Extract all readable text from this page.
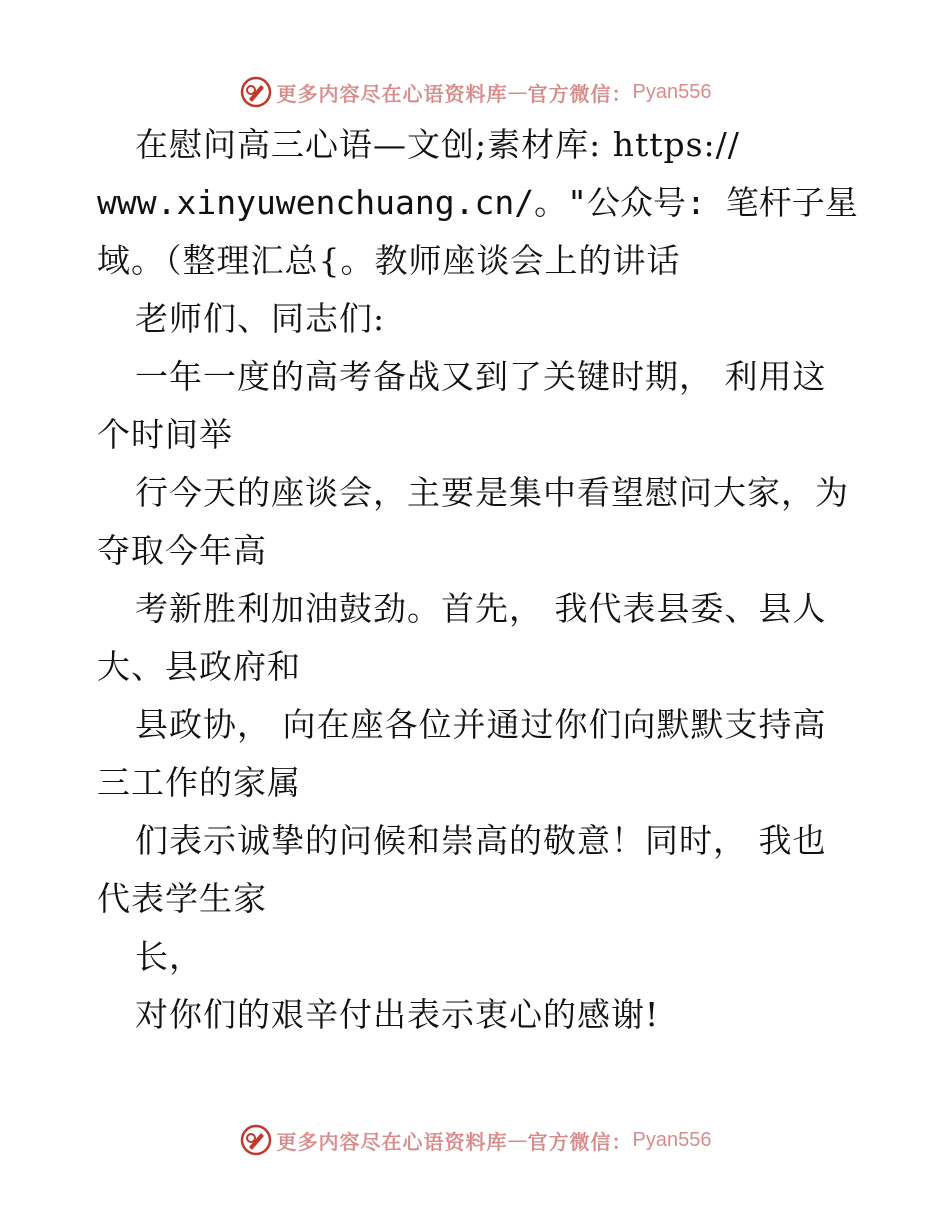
更多内容尽在心语资料库 — 官方微信： Pyan556
在慰问高三心语—文创;素材库: https://
www.xinyuwenchuang.cn/。"公众号: 笔杆子星
域。（整理汇总{。教师座谈会上的讲话
老师们、同志们:
一年一度的高考备战又到了关键时期， 利用这
个时间举
行今天的座谈会，主要是集中看望慰问大家，为
夺取今年高
考新胜利加油鼓劲。首先， 我代表县委、县人
大、县政府和
县政协， 向在座各位并通过你们向默默支持高
三工作的家属
们表示诚挚的问候和崇高的敬意！同时， 我也
代表学生家
长，
对你们的艰辛付出表示衷心的感谢!
更多内容尽在心语资料库 — 官方微信： Pyan556
